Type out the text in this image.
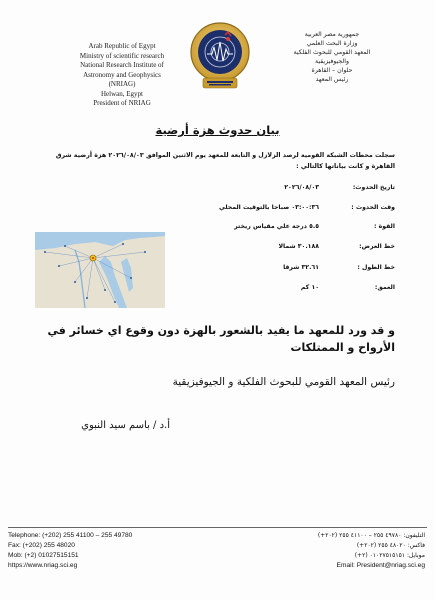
Arab Republic of Egypt
Ministry of scientific research
National Research Institute of
Astronomy and Geophysics
(NRIAG)
Helwan, Egypt
President of NRIAG
جمهورية مصر العربية
وزارة البحث العلمي
المعهد القومي للبحوث الفلكية
والجيوفيزيقية
حلوان – القاهرة
رئيس المعهد
بيان حدوث هزة أرضية
سجلت محطات الشبكة القومية لرصد الزلازل و التابعة للمعهد يوم الاثنين الموافق ٢٠٢٦/٠٨/٠٣ هزة أرضية شرق القاهرة و كانت بياناتها كالتالي :
تاريخ الحدوث:
٢٠٢٦/٠٨/٠٣
وقت الحدوث :
٠٣:٠٠:٣٦ صباحا بالتوقيت المحلي
القوة :
٥.٥ درجة علي مقياس ريختر
خط العرض:
٣٠.١٨٨ شمالا
خط الطول :
٣٢.٦١ شرقا
العمق:
١٠ كم
و قد ورد للمعهد ما يفيد بالشعور بالهزة دون وقوع اي خسائر في الأرواح و الممتلكات
رئيس المعهد القومي للبحوث الفلكية و الجيوفيزيقية
أ.د / باسم سيد النبوي
Telephone: (+202) 255 41100 – 255 49780
Fax: (+202) 255 48020
Mob: (+2) 01027515151
https://www.nriag.sci.eg
التليفون: ٤٩٧٨٠ ٢٥٥ – ٤١١٠٠ ٢٥٥ (٢٠٢+)
فاكس: ٤٨٠٢٠ ٢٥٥ (٢٠٢+)
موبايل: ٠١٠٢٧٥١٥١٥١ (٢+)
Email: President@nriag.sci.eg
